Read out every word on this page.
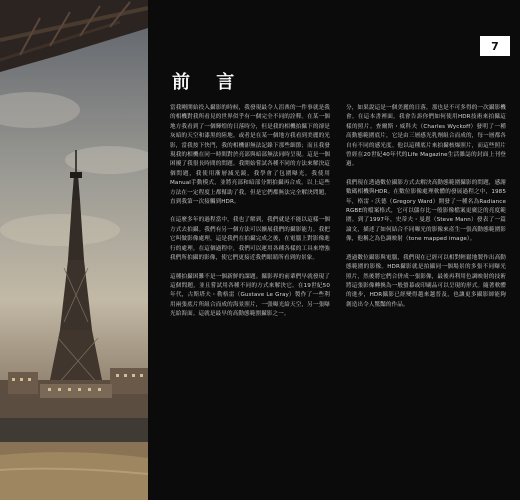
7
前 言

當我剛開始投入攝影的時候，我發現最令人沮喪的一件事就是我的相機對我所看見的世界似乎有一個完全不同的詮釋。在某一個地方我看到了一個輝煌的日落時分，但是我的相機拍攝下的卻是灰暗的天空和漆黑的陸地。或者是在某一個地方我看到美麗的光影，當我按下快門，我的相機卻無法記錄下那些細節；而且我發現我的相機在同一時間對於亮部與暗部無法同時呈現。這是一個困擾了我很長時間的問題。我開始嘗試各種不同的方法來解決這個問題，我使用漸層減光鏡，我學會了包圍曝光，我使用Manual手動模式，並將亮部和暗部分開拍攝再合成。以上這些方法在一定程度上都幫助了我，但是它們都無法完全解決問題，直到我第一次接觸到HDR。

在這麼多年的過程當中，我也了解到，我們就是不能以這樣一個方式去拍攝。我們有另一個方法可以擴展我們的攝影能力。我把它叫做影像處理，這是我們在拍攝完成之後，在電腦上對影像進行的處理。在這個過程中，我們可以運用各種各樣的工具來增強我們所拍攝的影像，使它們更接近我們眼睛所看到的景象。

這種拍攝困難不是一個新鮮的課題。攝影界的前輩們早就發現了這個問題，並且嘗試用各種不同的方式來解決它。在19世紀50年代，古斯塔夫・勒格雷（Gustave Le Gray）製作了一些利用兩張底片所組合而成的海景照片，一張曝光給天空，另一張曝光給海面。這就是最早的高動態範圍攝影之一。

分，如果說這是一個美麗的日落，那也是不可多得的一次攝影機會。在這本書裡面，我會告訴你們如何使用HDR技術來拍攝這樣的照片。查爾斯・威科夫（Charles Wyckoff）發明了一種高動態範圍底片，它是由三層感光乳劑組合而成的，每一層都各自有不同的感光度。他以這種底片來拍攝核爆照片，而這些照片曾經在20世紀40年代的Life Magazine生活雜誌的封面上刊登過。

我們現在透過數位攝影方式去解決高動態範圍攝影的問題，感謝數碼相機與HDR。在數位影像處理軟體的發展過程之中，1985年，格雷・沃德（Gregory Ward）開發了一種名為Radiance RGBE的檔案格式，它可以儲存比一般影像檔案更廣泛的亮度範圍。到了1997年，史蒂夫・曼恩（Steve Mann）發表了一篇論文，描述了如何結合不同曝光的影像來產生一張高動態範圍影像，他稱之為色調映射（tone mapped image）。

透過數位攝影與電腦，我們現在已經可以相對輕鬆地製作出高動態範圍的影像。HDR攝影就是拍攝同一個場景的多張不同曝光照片，然後將它們合併成一張影像，最後再利用色調映射的技術將這張影像轉換為一般螢幕或印刷品可以呈現的形式。隨著軟體的進步，HDR攝影已經變得越來越普及，也讓更多攝影師能夠創造出令人驚豔的作品。
